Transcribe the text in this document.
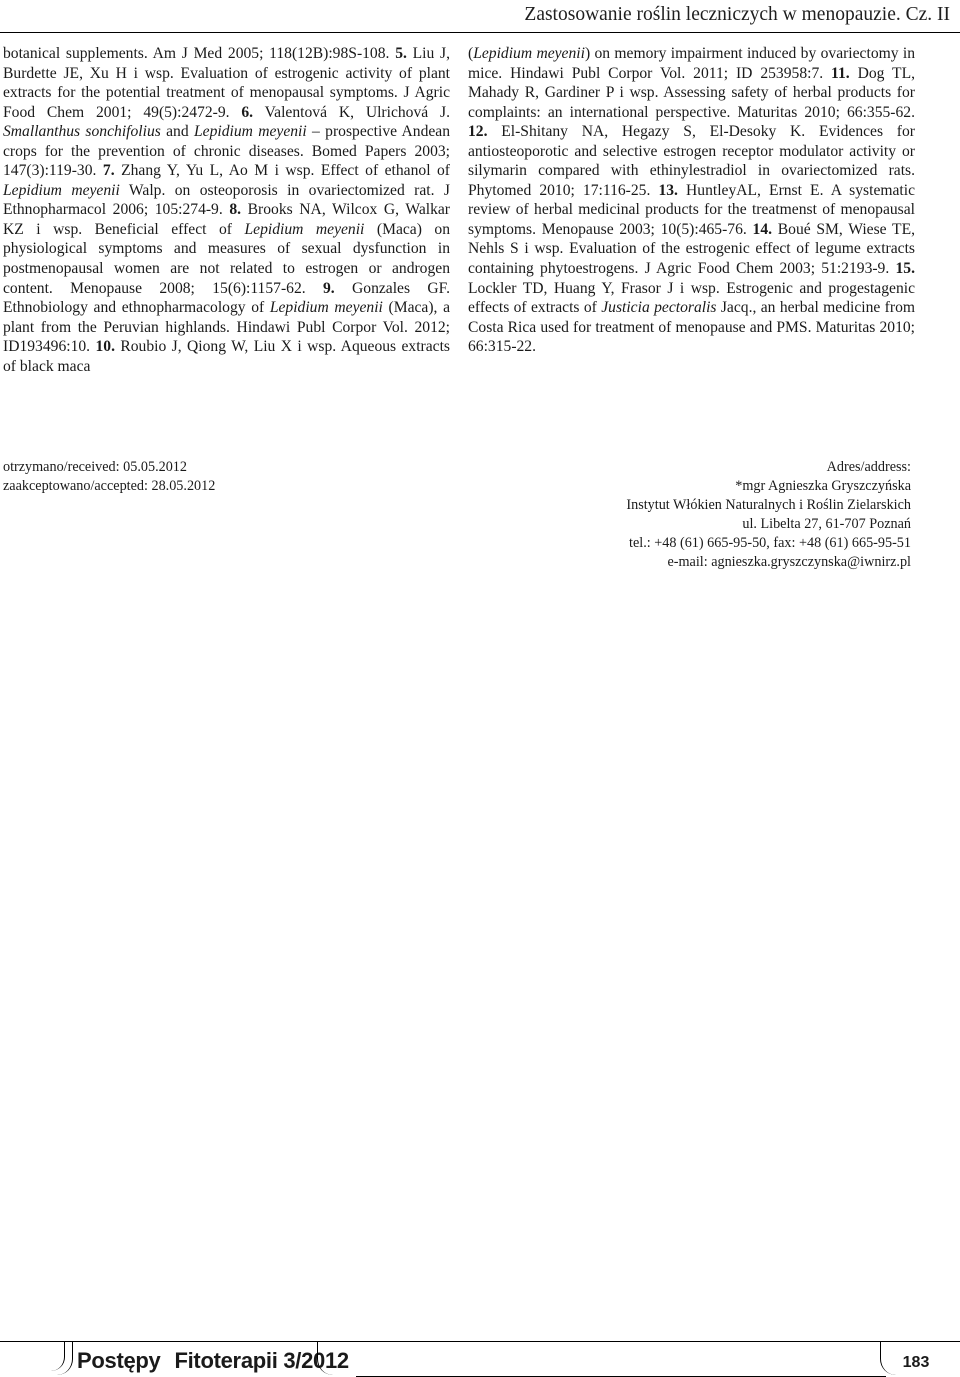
Zastosowanie roślin leczniczych w menopauzie. Cz. II
botanical supplements. Am J Med 2005; 118(12B):98S-108. 5. Liu J, Burdette JE, Xu H i wsp. Evaluation of estrogenic activity of plant extracts for the potential treatment of menopausal symptoms. J Agric Food Chem 2001; 49(5):2472-9. 6. Valentová K, Ulrichová J. Smallanthus sonchifolius and Lepidium meyenii – prospective Andean crops for the prevention of chronic diseases. Bomed Papers 2003; 147(3):119-30. 7. Zhang Y, Yu L, Ao M i wsp. Effect of ethanol of Lepidium meyenii Walp. on osteoporosis in ovariectomized rat. J Ethnopharmacol 2006; 105:274-9. 8. Brooks NA, Wilcox G, Walkar KZ i wsp. Beneficial effect of Lepidium meyenii (Maca) on physiological symptoms and measures of sexual dysfunction in postmenopausal women are not related to estrogen or androgen content. Menopause 2008; 15(6):1157-62. 9. Gonzales GF. Ethnobiology and ethnopharmacology of Lepidium meyenii (Maca), a plant from the Peruvian highlands. Hindawi Publ Corpor Vol. 2012; ID193496:10. 10. Roubio J, Qiong W, Liu X i wsp. Aqueous extracts of black maca
(Lepidium meyenii) on memory impairment induced by ovariectomy in mice. Hindawi Publ Corpor Vol. 2011; ID 253958:7. 11. Dog TL, Mahady R, Gardiner P i wsp. Assessing safety of herbal products for complaints: an international perspective. Maturitas 2010; 66:355-62. 12. El-Shitany NA, Hegazy S, El-Desoky K. Evidences for antiosteoporotic and selective estrogen receptor modulator activity or silymarin compared with ethinylestradiol in ovariectomized rats. Phytomed 2010; 17:116-25. 13. HuntleyAL, Ernst E. A systematic review of herbal medicinal products for the treatmenst of menopausal symptoms. Menopause 2003; 10(5):465-76. 14. Boué SM, Wiese TE, Nehls S i wsp. Evaluation of the estrogenic effect of legume extracts containing phytoestrogens. J Agric Food Chem 2003; 51:2193-9. 15. Lockler TD, Huang Y, Frasor J i wsp. Estrogenic and progestagenic effects of extracts of Justicia pectoralis Jacq., an herbal medicine from Costa Rica used for treatment of menopause and PMS. Maturitas 2010; 66:315-22.
otrzymano/received: 05.05.2012
zaakceptowano/accepted: 28.05.2012
Adres/address:
*mgr Agnieszka Gryszczyńska
Instytut Włókien Naturalnych i Roślin Zielarskich
ul. Libelta 27, 61-707 Poznań
tel.: +48 (61) 665-95-50, fax: +48 (61) 665-95-51
e-mail: agnieszka.gryszczynska@iwnirz.pl
Postępy Fitoterapii 3/2012	183
